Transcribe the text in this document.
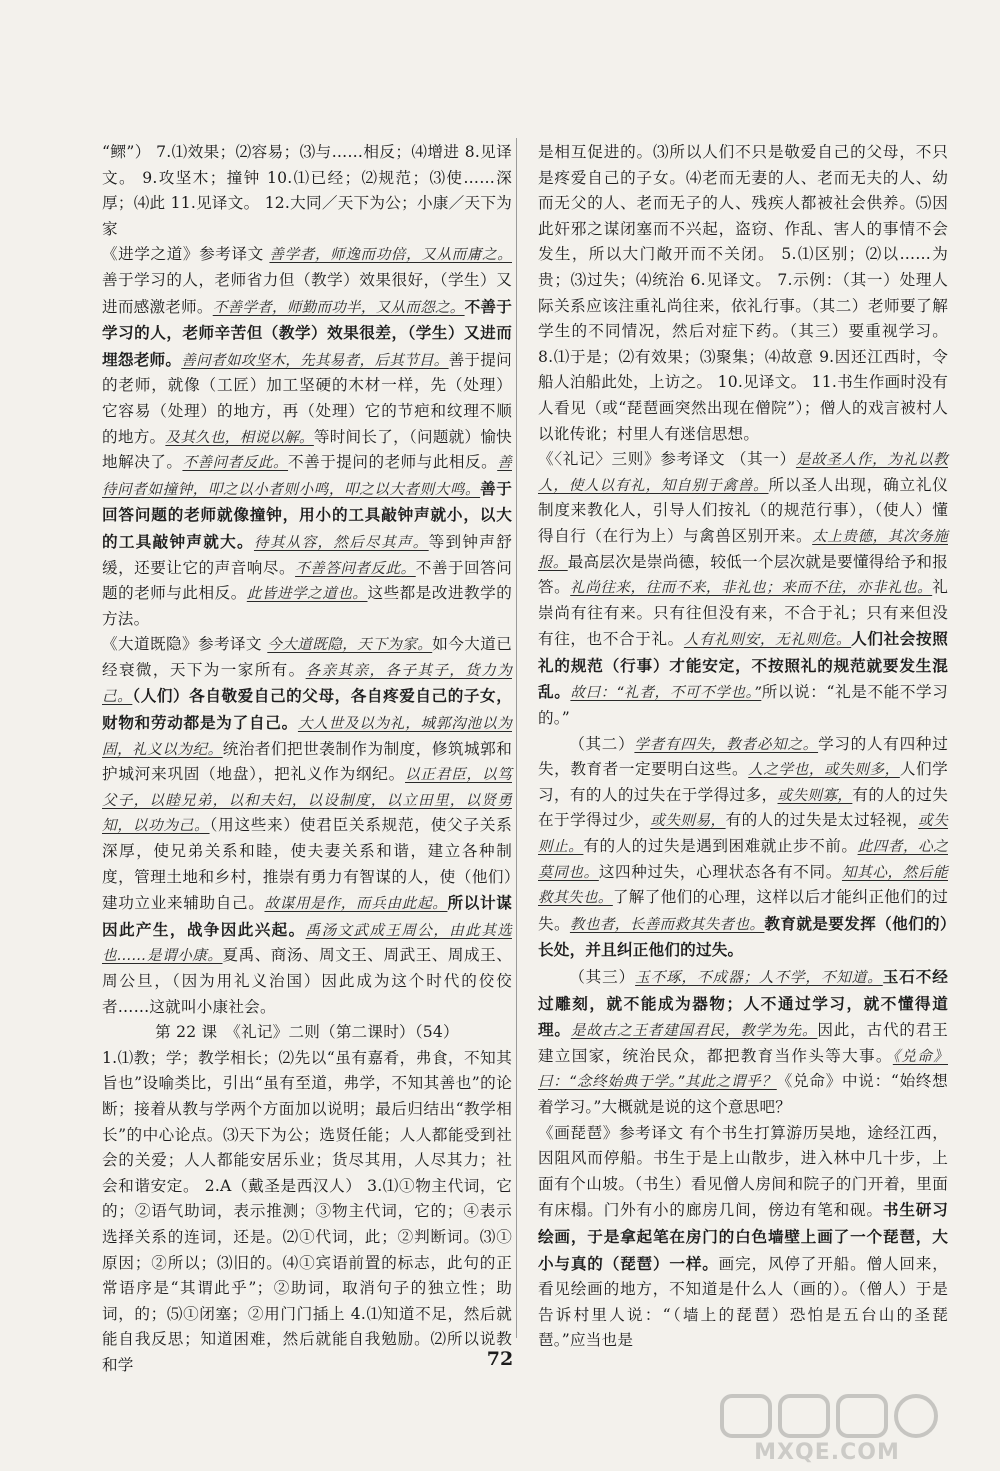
“鳏”） 7.⑴效果；⑵容易；⑶与……相反；⑷增进 8.见译文。 9.攻坚木；撞钟 10.⑴已经；⑵规范；⑶使……深厚；⑷此 11.见译文。 12.大同／天下为公；小康／天下为家

《进学之道》参考译文 善学者，师逸而功倍，又从而庸之。善于学习的人，老师省力但（教学）效果很好，（学生）又进而感激老师。不善学者，师勤而功半，又从而怨之。不善于学习的人，老师辛苦但（教学）效果很差，（学生）又进而埋怨老师。善问者如攻坚木，先其易者，后其节目。善于提问的老师，就像（工匠）加工坚硬的木材一样，先（处理）它容易（处理）的地方，再（处理）它的节疤和纹理不顺的地方。及其久也，相说以解。等时间长了，（问题就）愉快地解决了。不善问者反此。不善于提问的老师与此相反。善待问者如撞钟，叩之以小者则小鸣，叩之以大者则大鸣。善于回答问题的老师就像撞钟，用小的工具敲钟声就小，以大的工具敲钟声就大。待其从容，然后尽其声。等到钟声舒缓，还要让它的声音响尽。不善答问者反此。不善于回答问题的老师与此相反。此皆进学之道也。这些都是改进教学的方法。

《大道既隐》参考译文 今大道既隐，天下为家。如今大道已经衰微，天下为一家所有。各亲其亲，各子其子，货力为己。（人们）各自敬爱自己的父母，各自疼爱自己的子女，财物和劳动都是为了自己。大人世及以为礼，城郭沟池以为固，礼义以为纪。统治者们把世袭制作为制度，修筑城郭和护城河来巩固（地盘），把礼义作为纲纪。以正君臣，以笃父子，以睦兄弟，以和夫妇，以设制度，以立田里，以贤勇知，以功为己。（用这些来）使君臣关系规范，使父子关系深厚，使兄弟关系和睦，使夫妻关系和谐，建立各种制度，管理土地和乡村，推崇有勇力有智谋的人，使（他们）建功立业来辅助自己。故谋用是作，而兵由此起。所以计谋因此产生，战争因此兴起。禹汤文武成王周公，由此其选也……是谓小康。夏禹、商汤、周文王、周武王、周成王、周公旦，（因为用礼义治国）因此成为这个时代的佼佼者……这就叫小康社会。

第 22 课　《礼记》二则（第二课时）（54）

1.⑴教；学；教学相长；⑵先以“虽有嘉肴，弗食，不知其旨也”设喻类比，引出“虽有至道，弗学，不知其善也”的论断；接着从教与学两个方面加以说明；最后归结出“教学相长”的中心论点。⑶天下为公；选贤任能；人人都能受到社会的关爱；人人都能安居乐业；货尽其用，人尽其力；社会和谐安定。 2.A（戴圣是西汉人） 3.⑴①物主代词，它的；②语气助词，表示推测；③物主代词，它的；④表示选择关系的连词，还是。⑵①代词，此；②判断词。⑶①原因；②所以；⑶旧的。⑷①宾语前置的标志，此句的正常语序是“其谓此乎”；②助词，取消句子的独立性；助词，的；⑸①闭塞；②用门门插上 4.⑴知道不足，然后就能自我反思；知道困难，然后就能自我勉励。⑵所以说教和学

是相互促进的。⑶所以人们不只是敬爱自己的父母，不只是疼爱自己的子女。⑷老而无妻的人、老而无夫的人、幼而无父的人、老而无子的人、残疾人都被社会供养。⑸因此奸邪之谋闭塞而不兴起，盗窃、作乱、害人的事情不会发生，所以大门敞开而不关闭。 5.⑴区别；⑵以……为贵；⑶过失；⑷统治 6.见译文。 7.示例：（其一）处理人际关系应该注重礼尚往来，依礼行事。（其二）老师要了解学生的不同情况，然后对症下药。（其三）要重视学习。 8.⑴于是；⑵有效果；⑶聚集；⑷故意 9.因还江西时，令船人泊船此处，上访之。 10.见译文。 11.书生作画时没有人看见（或“琵琶画突然出现在僧院”）；僧人的戏言被村人以讹传讹；村里人有迷信思想。

《〈礼记〉三则》参考译文 （其一）是故圣人作，为礼以教人，使人以有礼，知自别于禽兽。所以圣人出现，确立礼仪制度来教化人，引导人们按礼（的规范行事），（使人）懂得自行（在行为上）与禽兽区别开来。太上贵德，其次务施报。最高层次是崇尚德，较低一个层次就是要懂得给予和报答。礼尚往来，往而不来，非礼也；来而不往，亦非礼也。礼崇尚有往有来。只有往但没有来，不合于礼；只有来但没有往，也不合于礼。人有礼则安，无礼则危。人们社会按照礼的规范（行事）才能安定，不按照礼的规范就要发生混乱。故曰：“礼者，不可不学也。”所以说：“礼是不能不学习的。”

（其二）学者有四失，教者必知之。学习的人有四种过失，教育者一定要明白这些。人之学也，或失则多，人们学习，有的人的过失在于学得过多，或失则寡，有的人的过失在于学得过少，或失则易，有的人的过失是太过轻视，或失则止。有的人的过失是遇到困难就止步不前。此四者，心之莫同也。这四种过失，心理状态各有不同。知其心，然后能救其失也。了解了他们的心理，这样以后才能纠正他们的过失。教也者，长善而救其失者也。教育就是要发挥（他们的）长处，并且纠正他们的过失。

（其三）玉不琢，不成器；人不学，不知道。玉石不经过雕刻，就不能成为器物；人不通过学习，就不懂得道理。是故古之王者建国君民，教学为先。因此，古代的君王建立国家，统治民众，都把教育当作头等大事。《兑命》曰：“念终始典于学。”其此之谓乎？《兑命》中说：“始终想着学习。”大概就是说的这个意思吧？

《画琵琶》参考译文 有个书生打算游历吴地，途经江西，因阻风而停船。书生于是上山散步，进入林中几十步，上面有个山坡。（书生）看见僧人房间和院子的门开着，里面有床榻。门外有小的廊房几间，傍边有笔和砚。书生研习绘画，于是拿起笔在房门的白色墙壁上画了一个琵琶，大小与真的（琵琶）一样。画完，风停了开船。僧人回来，看见绘画的地方，不知道是什么人（画的）。（僧人）于是告诉村里人说：“（墙上的琵琶）恐怕是五台山的圣琵琶。”应当也是

72
MXQE.COM
